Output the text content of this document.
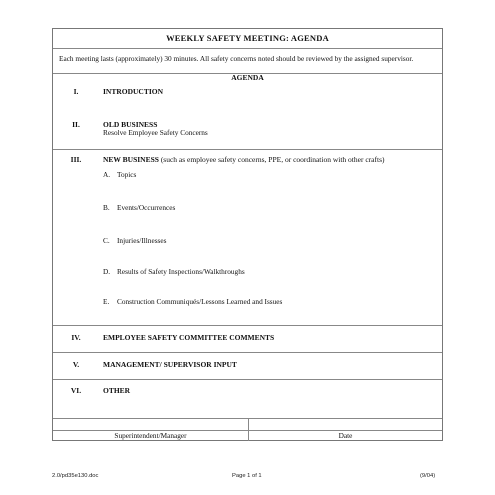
WEEKLY SAFETY MEETING: AGENDA
Each meeting lasts (approximately) 30 minutes. All safety concerns noted should be reviewed by the assigned supervisor.
AGENDA
I.	INTRODUCTION
II.	OLD BUSINESS
Resolve Employee Safety Concerns
III.	NEW BUSINESS (such as employee safety concerns, PPE, or coordination with other crafts)
A. Topics
B. Events/Occurrences
C. Injuries/Illnesses
D. Results of Safety Inspections/Walkthroughs
E. Construction Communiqués/Lessons Learned and Issues
IV.	EMPLOYEE SAFETY COMMITTEE COMMENTS
V.	MANAGEMENT/ SUPERVISOR INPUT
VI.	OTHER
Superintendent/Manager	Date
2.0/pd35e130.doc	Page 1 of 1	(9/04)
